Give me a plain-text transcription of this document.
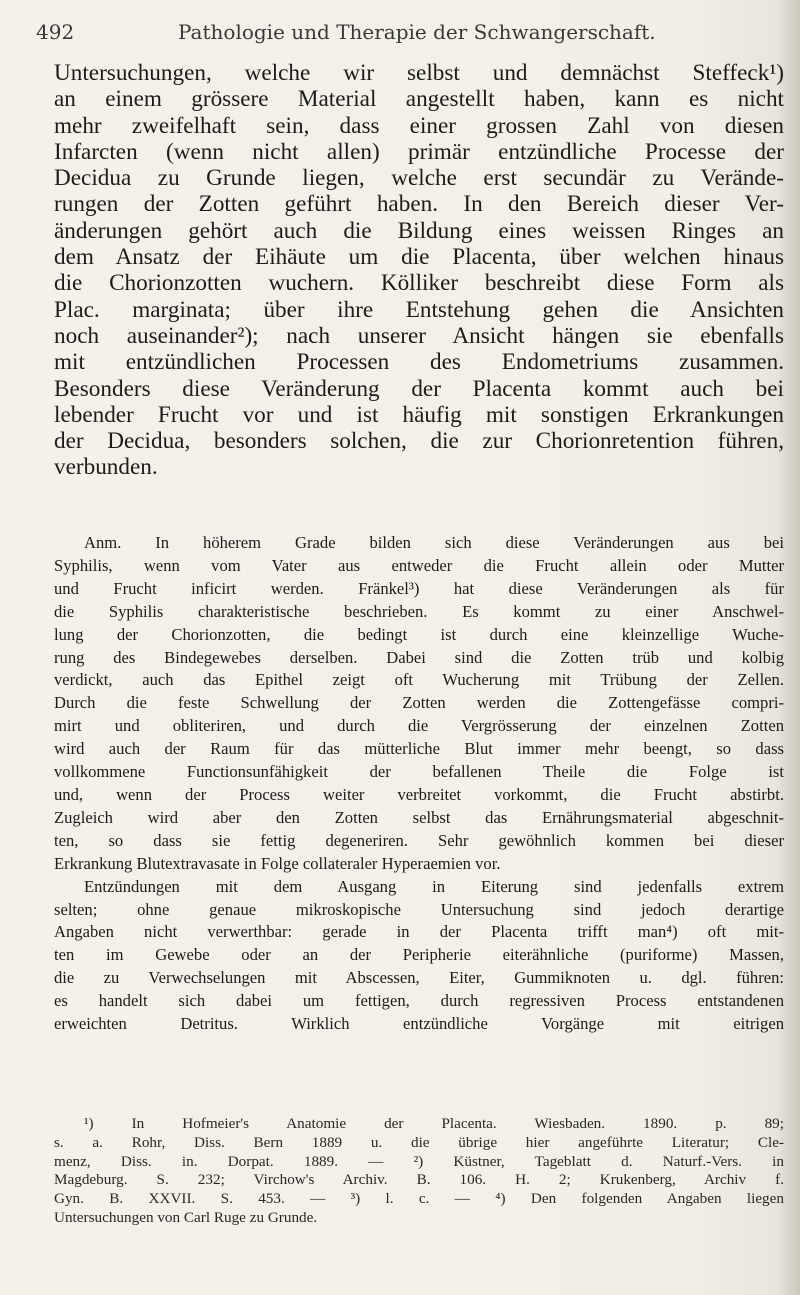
492	Pathologie und Therapie der Schwangerschaft.
Untersuchungen, welche wir selbst und demnächst Steffeck¹)
an einem grössere Material angestellt haben, kann es nicht
mehr zweifelhaft sein, dass einer grossen Zahl von diesen
Infarcten (wenn nicht allen) primär entzündliche Processe der
Decidua zu Grunde liegen, welche erst secundär zu Verände-
rungen der Zotten geführt haben. In den Bereich dieser Ver-
änderungen gehört auch die Bildung eines weissen Ringes an
dem Ansatz der Eihäute um die Placenta, über welchen hinaus
die Chorionzotten wuchern. Kölliker beschreibt diese Form als
Plac. marginata; über ihre Entstehung gehen die Ansichten
noch auseinander²); nach unserer Ansicht hängen sie ebenfalls
mit entzündlichen Processen des Endometriums zusammen.
Besonders diese Veränderung der Placenta kommt auch bei
lebender Frucht vor und ist häufig mit sonstigen Erkrankungen
der Decidua, besonders solchen, die zur Chorionretention führen,
verbunden.
Anm. In höherem Grade bilden sich diese Veränderungen aus bei
Syphilis, wenn vom Vater aus entweder die Frucht allein oder Mutter
und Frucht inficirt werden. Fränkel³) hat diese Veränderungen als für
die Syphilis charakteristische beschrieben. Es kommt zu einer Anschwel-
lung der Chorionzotten, die bedingt ist durch eine kleinzellige Wuche-
rung des Bindegewebes derselben. Dabei sind die Zotten trüb und kolbig
verdickt, auch das Epithel zeigt oft Wucherung mit Trübung der Zellen.
Durch die feste Schwellung der Zotten werden die Zottengefässe compri-
mirt und obliteriren, und durch die Vergrösserung der einzelnen Zotten
wird auch der Raum für das mütterliche Blut immer mehr beengt, so dass
vollkommene Functionsunfähigkeit der befallenen Theile die Folge ist
und, wenn der Process weiter verbreitet vorkommt, die Frucht abstirbt.
Zugleich wird aber den Zotten selbst das Ernährungsmaterial abgeschnit-
ten, so dass sie fettig degeneriren. Sehr gewöhnlich kommen bei dieser
Erkrankung Blutextravasate in Folge collateraler Hyperaemien vor.
Entzündungen mit dem Ausgang in Eiterung sind jedenfalls extrem
selten; ohne genaue mikroskopische Untersuchung sind jedoch derartige
Angaben nicht verwerthbar: gerade in der Placenta trifft man⁴) oft mit-
ten im Gewebe oder an der Peripherie eiterähnliche (puriforme) Massen,
die zu Verwechselungen mit Abscessen, Eiter, Gummiknoten u. dgl. führen:
es handelt sich dabei um fettigen, durch regressiven Process entstandenen
erweichten Detritus. Wirklich entzündliche Vorgänge mit eitrigen
¹) In Hofmeier's Anatomie der Placenta. Wiesbaden. 1890. p. 89;
s. a. Rohr, Diss. Bern 1889 u. die übrige hier angeführte Literatur; Cle-
menz, Diss. in. Dorpat. 1889. — ²) Küstner, Tageblatt d. Naturf.-Vers. in
Magdeburg. S. 232; Virchow's Archiv. B. 106. H. 2; Krukenberg, Archiv f.
Gyn. B. XXVII. S. 453. — ³) l. c. — ⁴) Den folgenden Angaben liegen
Untersuchungen von Carl Ruge zu Grunde.
